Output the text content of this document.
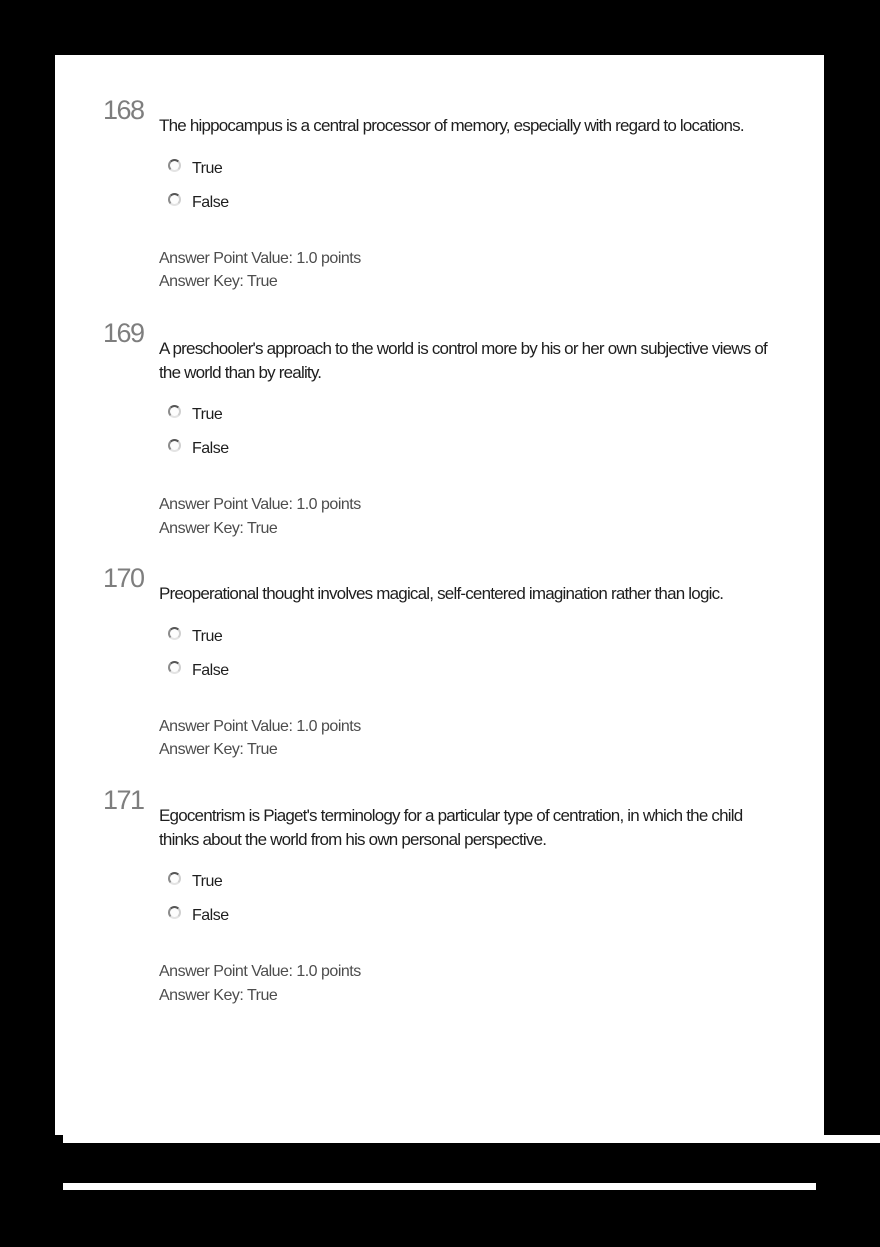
168
The hippocampus is a central processor of memory, especially with regard to locations.
True
False
Answer Point Value: 1.0 points
Answer Key: True
169
A preschooler's approach to the world is control more by his or her own subjective views of
the world than by reality.
True
False
Answer Point Value: 1.0 points
Answer Key: True
170
Preoperational thought involves magical, self-centered imagination rather than logic.
True
False
Answer Point Value: 1.0 points
Answer Key: True
171
Egocentrism is Piaget's terminology for a particular type of centration, in which the child
thinks about the world from his own personal perspective.
True
False
Answer Point Value: 1.0 points
Answer Key: True
